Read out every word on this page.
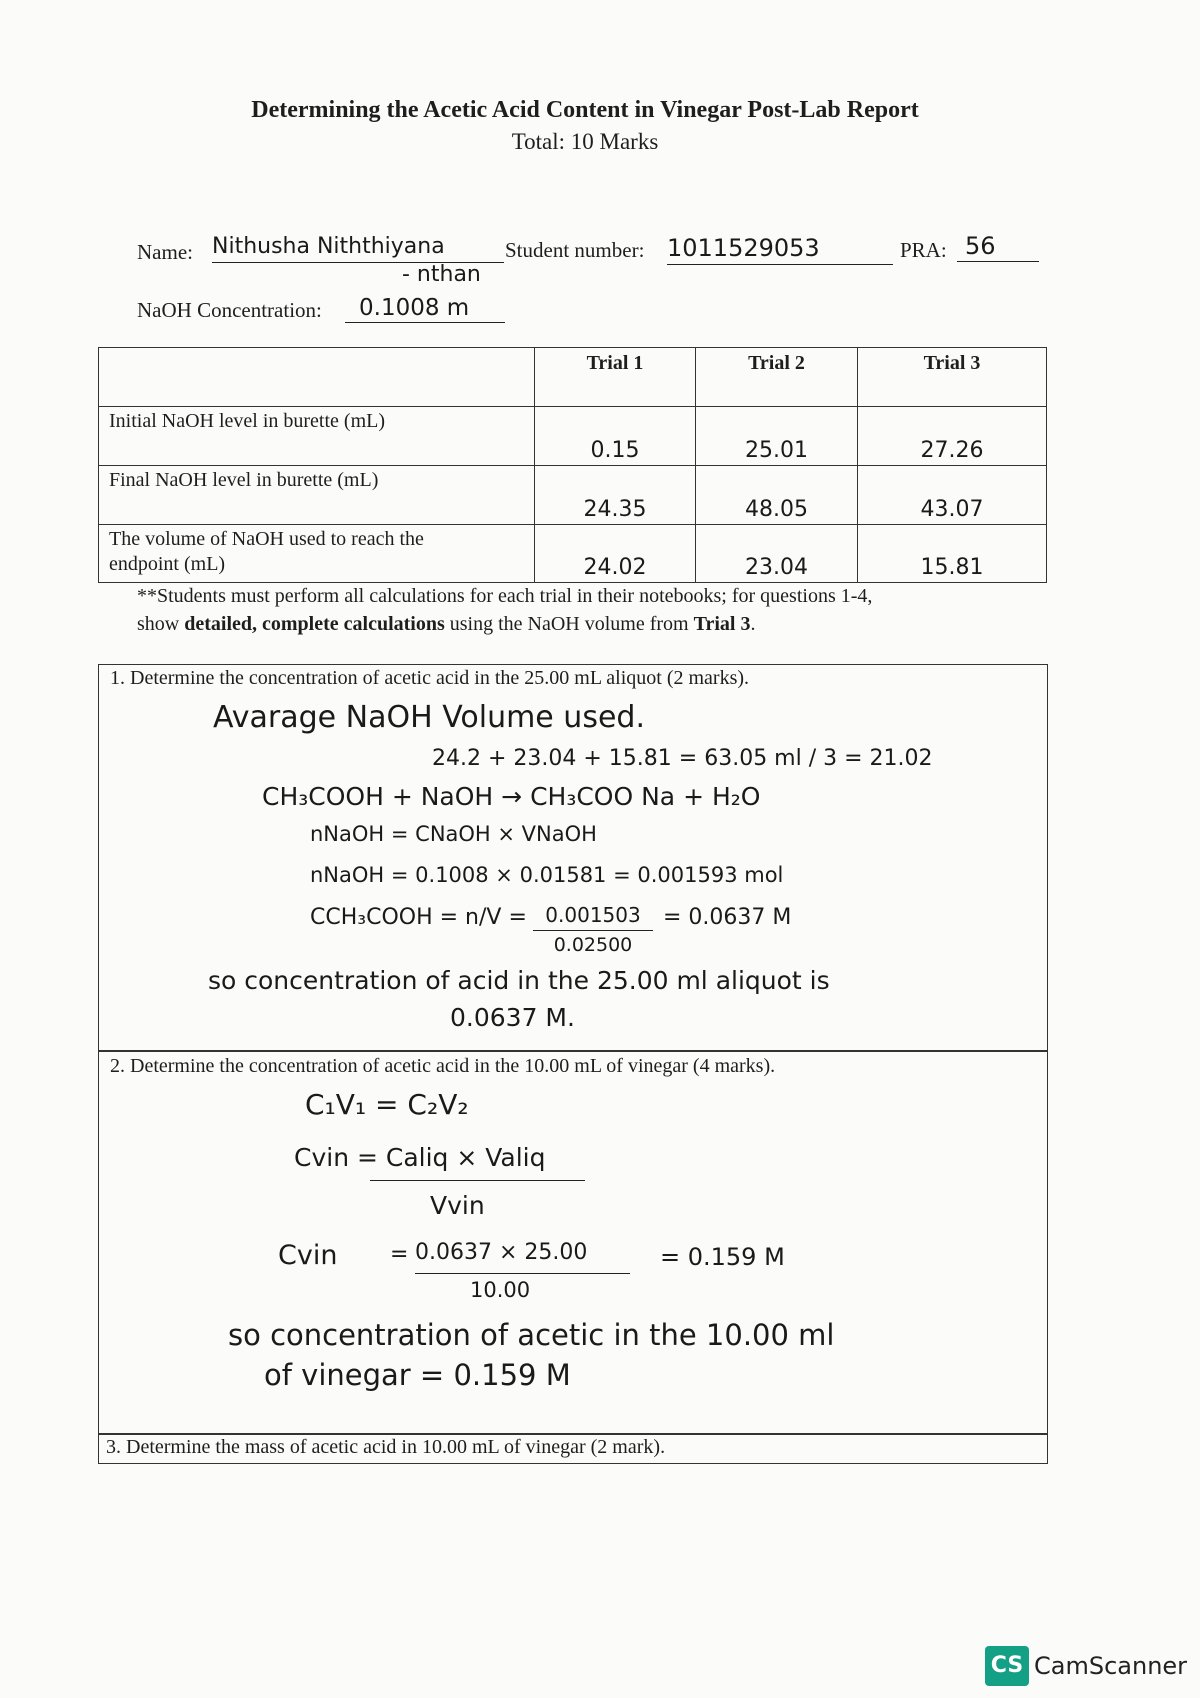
Determining the Acetic Acid Content in Vinegar Post-Lab Report
Total: 10 Marks
Name: Nithusha Niththiyana
- nthan
Student number: 1011529053	PRA: 56
NaOH Concentration:	0.1008 m
	Trial 1	Trial 2	Trial 3
Initial NaOH level in burette (mL)	0.15	25.01	27.26
Final NaOH level in burette (mL)	24.35	48.05	43.07
The volume of NaOH used to reach the
endpoint (mL)	24.02	23.04	15.81
**Students must perform all calculations for each trial in their notebooks; for questions 1-4,
show detailed, complete calculations using the NaOH volume from Trial 3.
1. Determine the concentration of acetic acid in the 25.00 mL aliquot (2 marks).
Avarage NaOH Volume used.
24.2 + 23.04 + 15.81 = 63.05 ml / 3 = 21.02
CH₃COOH + NaOH → CH₃COO Na + H₂O
nNaOH = CNaOH × VNaOH
nNaOH = 0.1008 × 0.01581 = 0.001593 mol
CCH₃COOH = n/V = 0.001503
0.02500
= 0.0637 M
so concentration of acid in the 25.00 ml aliquot is
0.0637 M.
2. Determine the concentration of acetic acid in the 10.00 mL of vinegar (4 marks).
C₁V₁ = C₂V₂
Cvin = Caliq × Valiq
Vvin
Cvin = 0.0637 × 25.00
10.00
= 0.159 M
so concentration of acetic in the 10.00 ml
of vinegar = 0.159 M
3. Determine the mass of acetic acid in 10.00 mL of vinegar (2 mark).
CS CamScanner
